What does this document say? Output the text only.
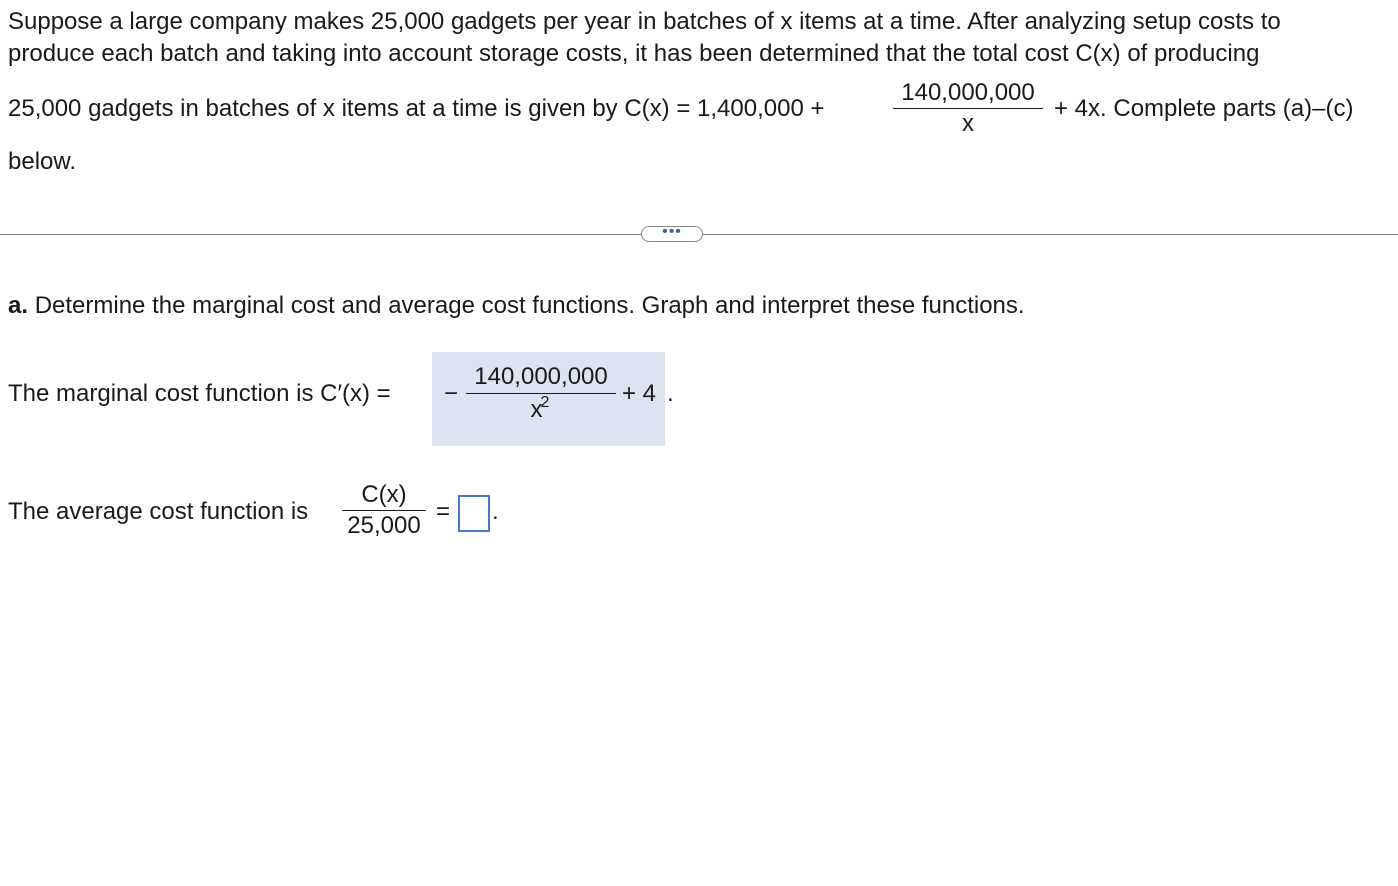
Suppose a large company makes 25,000 gadgets per year in batches of x items at a time. After analyzing setup costs to
produce each batch and taking into account storage costs, it has been determined that the total cost C(x) of producing
25,000 gadgets in batches of x items at a time is given by C(x) = 1,400,000 +
140,000,000
x
+ 4x. Complete parts (a)–(c)
below.
•••
a. Determine the marginal cost and average cost functions. Graph and interpret these functions.
The marginal cost function is C′(x) = −
140,000,000
$x^2$	+ 4 .
The average cost function is
C(x)
25,000
= .
